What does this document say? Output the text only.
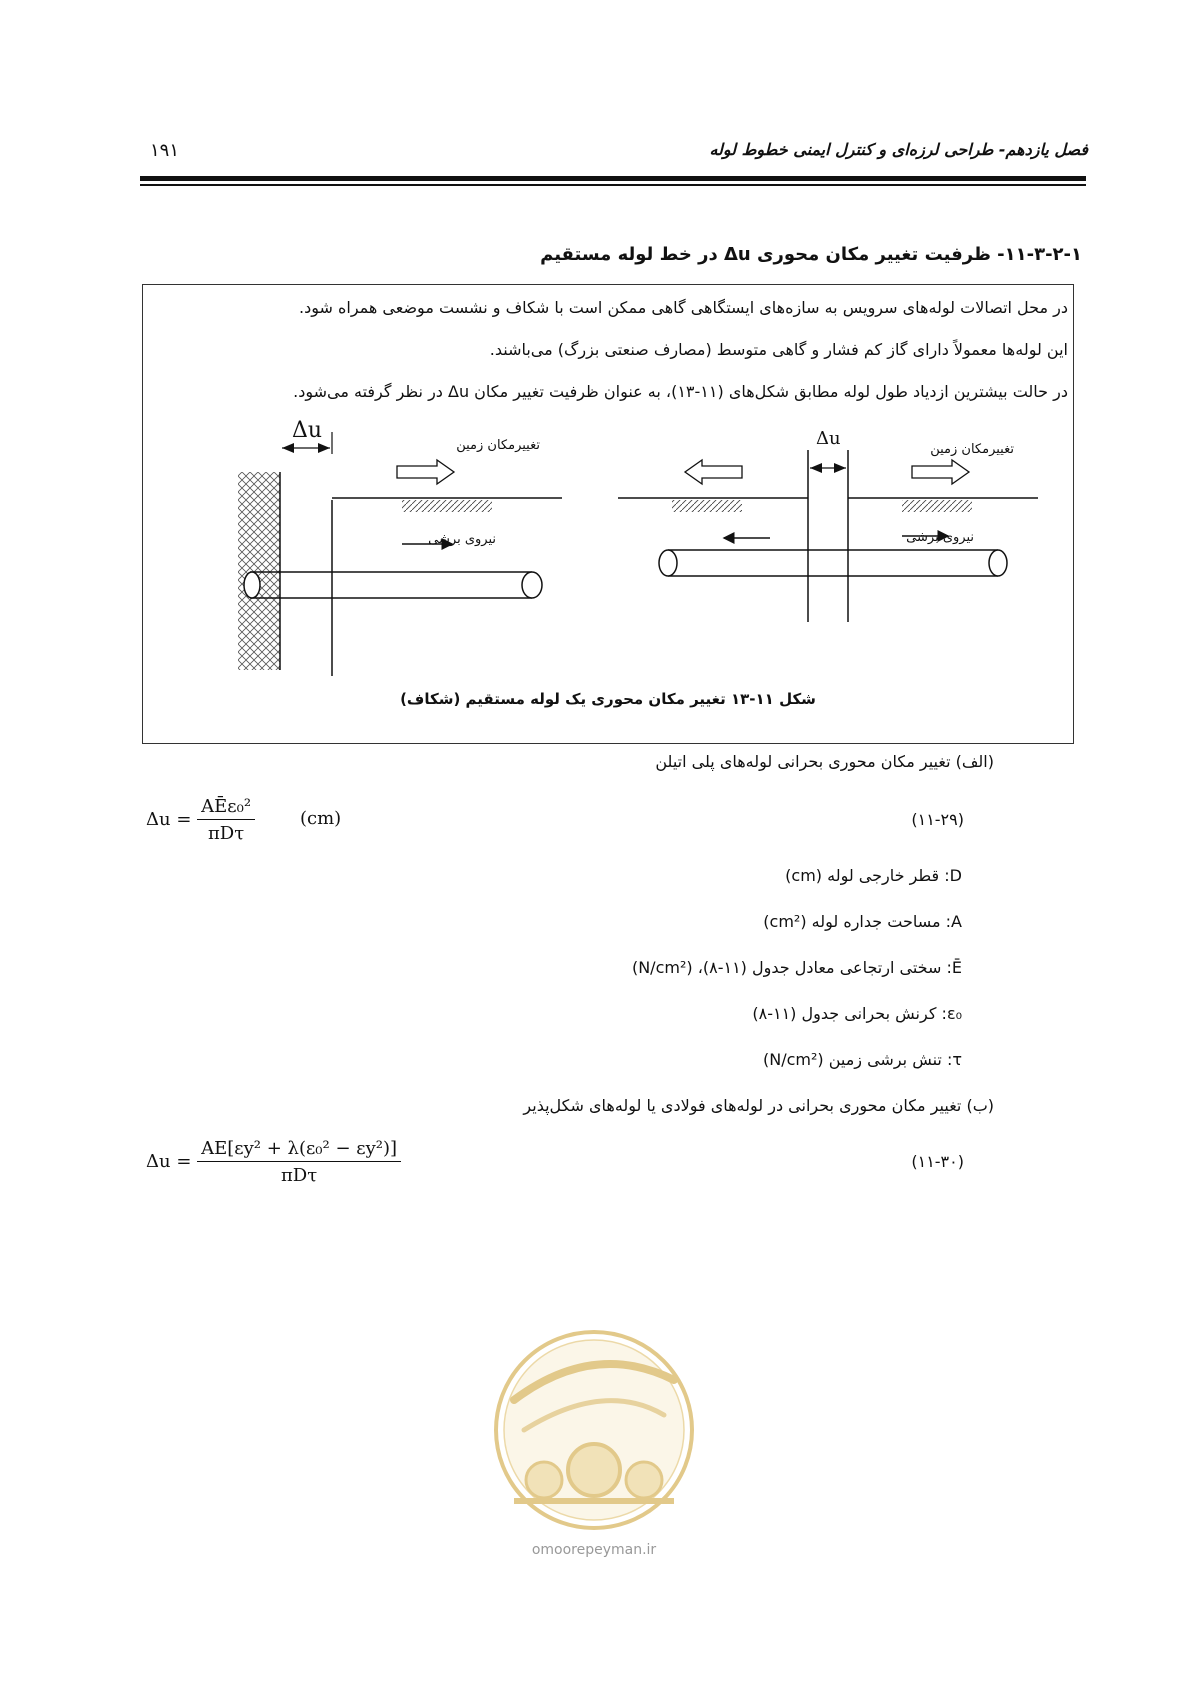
۱۹۱	فصل یازدهم- طراحی لرزه‌ای و کنترل ایمنی خطوط لوله
۱۱-۳-۲-۱- ظرفیت تغییر مکان محوری Δu در خط لوله مستقیم
در محل اتصالات لوله‌های سرویس به سازه‌های ایستگاهی گاهی ممکن است با شکاف و نشست موضعی همراه شود.
این لوله‌ها معمولاً دارای گاز کم فشار و گاهی متوسط (مصارف صنعتی بزرگ) می‌باشند.
در حالت بیشترین ازدیاد طول لوله مطابق شکل‌های (۱۱-۱۳)، به عنوان ظرفیت تغییر مکان Δu در نظر گرفته می‌شود.
Δu
تغییرمکان زمین
نیروی برشی
Δu
تغییرمکان زمین
نیروی برشی
شکل ۱۱-۱۳ تغییر مکان محوری یک لوله مستقیم (شکاف)
(الف) تغییر مکان محوری بحرانی لوله‌های پلی اتیلن
$\Delta u = \frac{\text{AĒε₀²}}{\text{πDτ}} (cm)$	(۱۱-۲۹)
D: قطر خارجی لوله (cm)
A: مساحت جداره لوله (cm²)
Ē: سختی ارتجاعی معادل جدول (۱۱-۸)، (N/cm²)
ε₀: کرنش بحرانی جدول (۱۱-۸)
τ: تنش برشی زمین (N/cm²)
(ب) تغییر مکان محوری بحرانی در لوله‌های فولادی یا لوله‌های شکل‌پذیر
$\Delta u = \frac{\text{AE[εy² + λ(ε₀² − εy²)]}}{\text{πDτ}}$	(۱۱-۳۰)
omoorepeyman.ir
